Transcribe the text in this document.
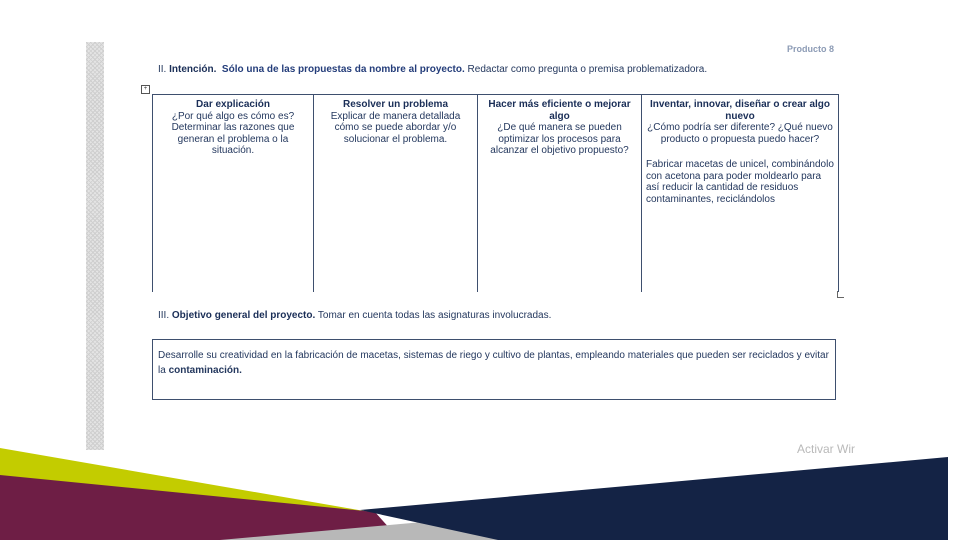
Producto 8
II. Intención. Sólo una de las propuestas da nombre al proyecto. Redactar como pregunta o premisa problematizadora.
+
Dar explicación
¿Por qué algo es cómo es? Determinar las razones que generan el problema o la situación.

Resolver un problema
Explicar de manera detallada cómo se puede abordar y/o solucionar el problema.

Hacer más eficiente o mejorar algo
¿De qué manera se pueden optimizar los procesos para alcanzar el objetivo propuesto?

Inventar, innovar, diseñar o crear algo nuevo
¿Cómo podría ser diferente? ¿Qué nuevo producto o propuesta puedo hacer?
Fabricar macetas de unicel, combinándolo con acetona para poder moldearlo para así reducir la cantidad de residuos contaminantes, reciclándolos
III. Objetivo general del proyecto. Tomar en cuenta todas las asignaturas involucradas.
Desarrolle su creatividad en la fabricación de macetas, sistemas de riego y cultivo de plantas, empleando materiales que pueden ser reciclados y evitar la contaminación.
Activar Wir
